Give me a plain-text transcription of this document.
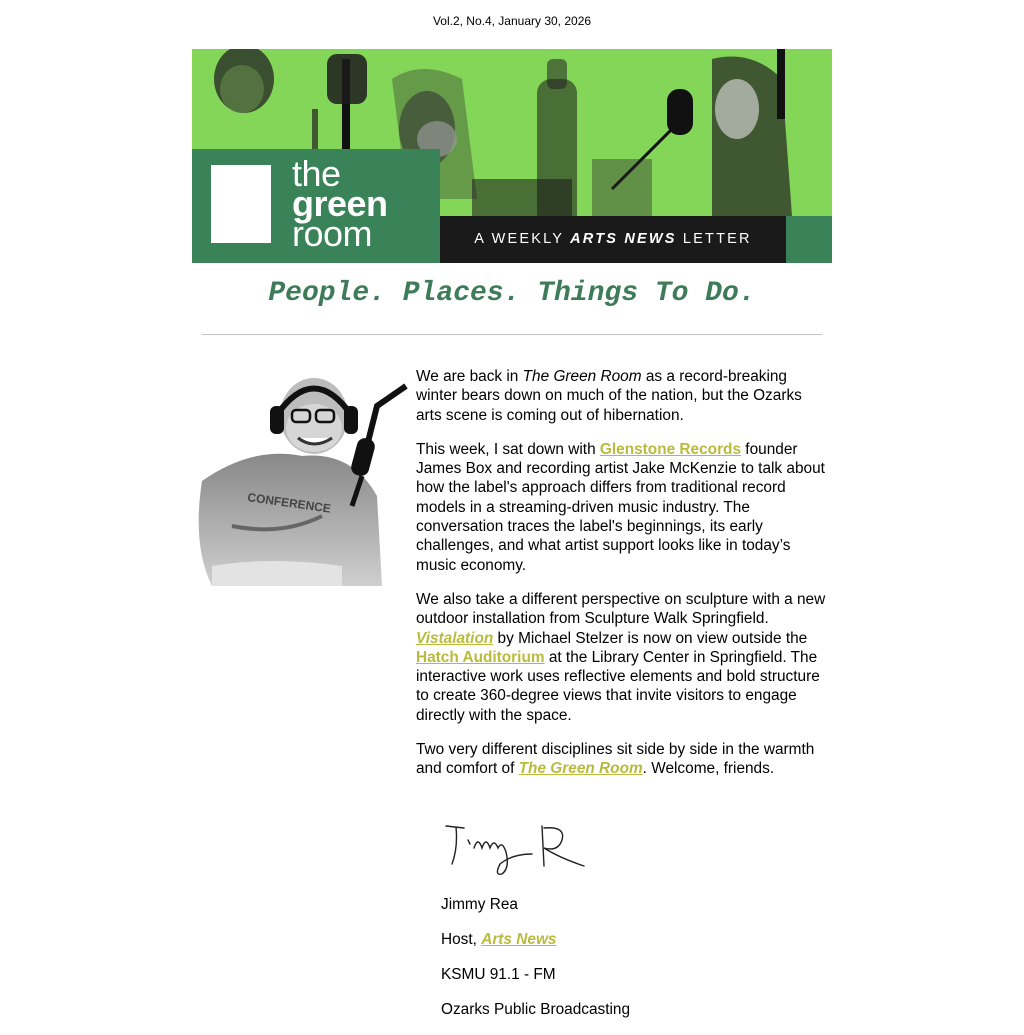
Vol.2, No.4, January 30, 2026
the
green
room	A WEEKLY ARTS NEWS LETTER
People. Places. Things To Do.
CONFERENCE

We are back in The Green Room as a record-breaking winter bears down on much of the nation, but the Ozarks arts scene is coming out of hibernation.

This week, I sat down with Glenstone Records founder James Box and recording artist Jake McKenzie to talk about how the label's approach differs from traditional record models in a streaming-driven music industry. The conversation traces the label's beginnings, its early challenges, and what artist support looks like in today’s music economy.

We also take a different perspective on sculpture with a new outdoor installation from Sculpture Walk Springfield. Vistalation by Michael Stelzer is now on view outside the Hatch Auditorium at the Library Center in Springfield. The interactive work uses reflective elements and bold structure to create 360-degree views that invite visitors to engage directly with the space.

Two very different disciplines sit side by side in the warmth and comfort of The Green Room. Welcome, friends.

Jimmy Rea
Host, Arts News
KSMU 91.1 - FM
Ozarks Public Broadcasting
